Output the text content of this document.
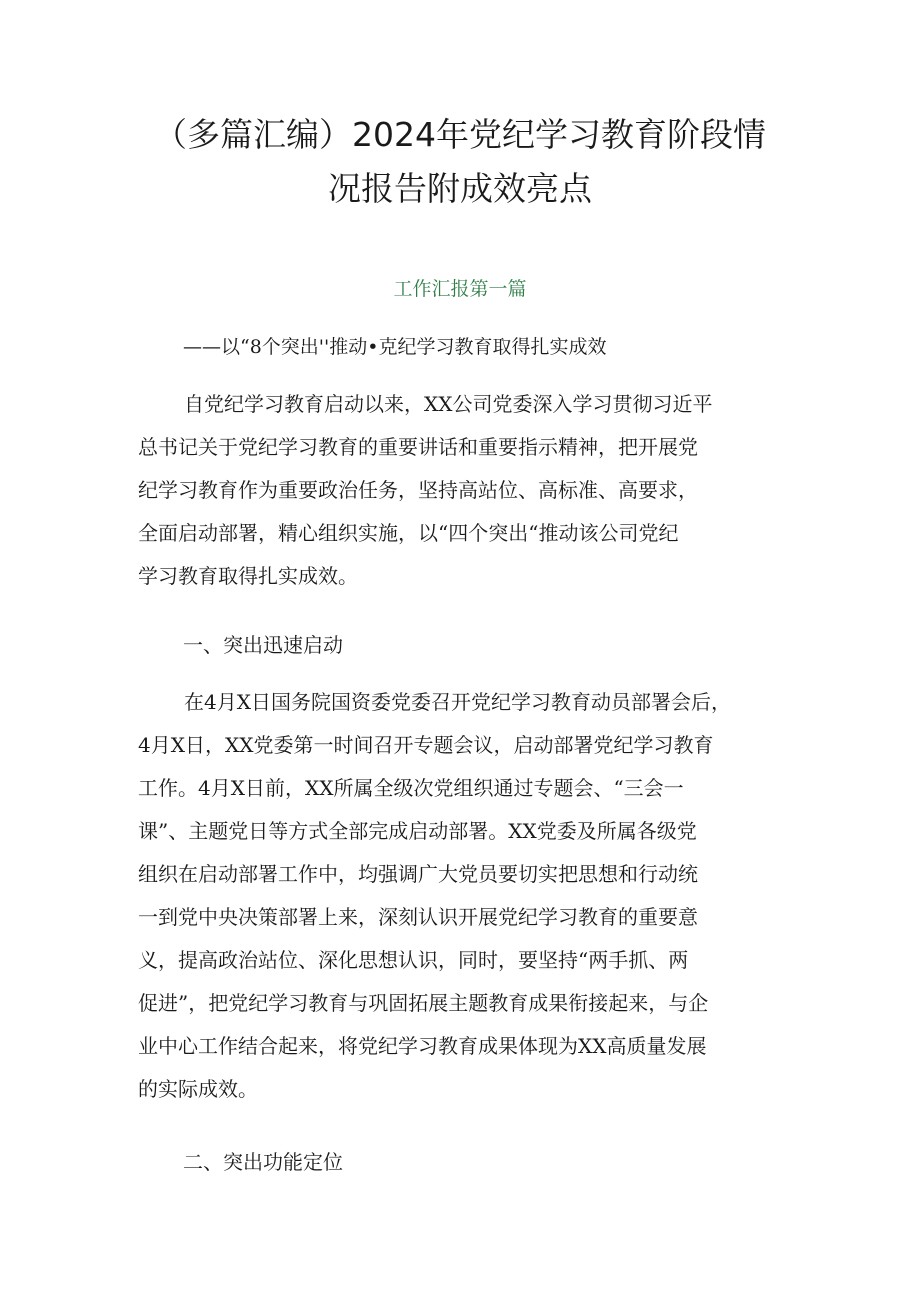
（多篇汇编）2024年党纪学习教育阶段情
况报告附成效亮点
工作汇报第一篇
——以“8个突出''推动•克纪学习教育取得扎实成效
自党纪学习教育启动以来，XX公司党委深入学习贯彻习近平
总书记关于党纪学习教育的重要讲话和重要指示精神，把开展党
纪学习教育作为重要政治任务，坚持高站位、高标准、高要求，
全面启动部署，精心组织实施，以“四个突出“推动该公司党纪
学习教育取得扎实成效。
一、突出迅速启动
在4月X日国务院国资委党委召开党纪学习教育动员部署会后，
4月X日，XX党委第一时间召开专题会议，启动部署党纪学习教育
工作。4月X日前，XX所属全级次党组织通过专题会、“三会一
课”、主题党日等方式全部完成启动部署。XX党委及所属各级党
组织在启动部署工作中，均强调广大党员要切实把思想和行动统
一到党中央决策部署上来，深刻认识开展党纪学习教育的重要意
义，提高政治站位、深化思想认识，同时，要坚持“两手抓、两
促进”，把党纪学习教育与巩固拓展主题教育成果衔接起来，与企
业中心工作结合起来，将党纪学习教育成果体现为XX高质量发展
的实际成效。
二、突出功能定位
